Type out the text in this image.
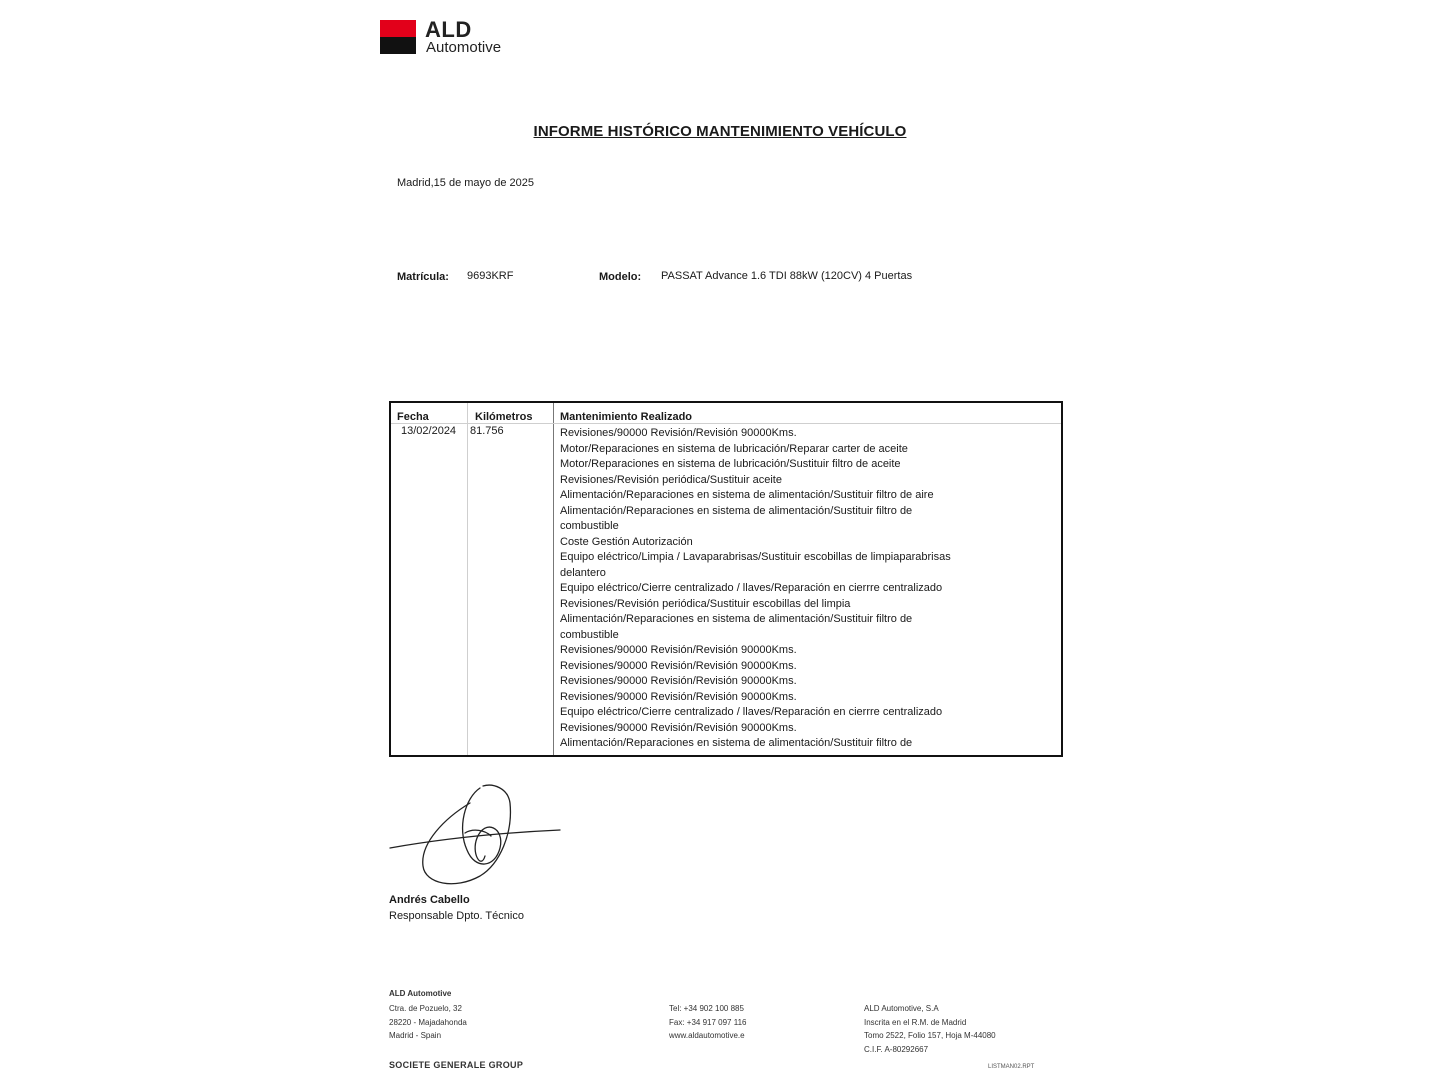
ALD
Automotive
INFORME HISTÓRICO MANTENIMIENTO VEHÍCULO
Madrid,15 de mayo de 2025
Matrícula: 9693KRF	Modelo: PASSAT Advance 1.6 TDI 88kW (120CV) 4 Puertas
Fecha	Kilómetros	Mantenimiento Realizado
13/02/2024 81.756	Revisiones/90000 Revisión/Revisión 90000Kms.
Motor/Reparaciones en sistema de lubricación/Reparar carter de aceite
Motor/Reparaciones en sistema de lubricación/Sustituir filtro de aceite
Revisiones/Revisión periódica/Sustituir aceite
Alimentación/Reparaciones en sistema de alimentación/Sustituir filtro de aire
Alimentación/Reparaciones en sistema de alimentación/Sustituir filtro de
combustible
Coste Gestión Autorización
Equipo eléctrico/Limpia / Lavaparabrisas/Sustituir escobillas de limpiaparabrisas
delantero
Equipo eléctrico/Cierre centralizado / llaves/Reparación en cierrre centralizado
Revisiones/Revisión periódica/Sustituir escobillas del limpia
Alimentación/Reparaciones en sistema de alimentación/Sustituir filtro de
combustible
Revisiones/90000 Revisión/Revisión 90000Kms.
Revisiones/90000 Revisión/Revisión 90000Kms.
Revisiones/90000 Revisión/Revisión 90000Kms.
Revisiones/90000 Revisión/Revisión 90000Kms.
Equipo eléctrico/Cierre centralizado / llaves/Reparación en cierrre centralizado
Revisiones/90000 Revisión/Revisión 90000Kms.
Alimentación/Reparaciones en sistema de alimentación/Sustituir filtro de
Andrés Cabello
Responsable Dpto. Técnico
ALD Automotive
Ctra. de Pozuelo, 32
28220 - Majadahonda
Madrid - Spain
Tel: +34 902 100 885
Fax: +34 917 097 116
www.aldautomotive.e
ALD Automotive, S.A
Inscrita en el R.M. de Madrid
Tomo 2522, Folio 157, Hoja M-44080
C.I.F. A-80292667
SOCIETE GENERALE GROUP	LISTMAN02.RPT
